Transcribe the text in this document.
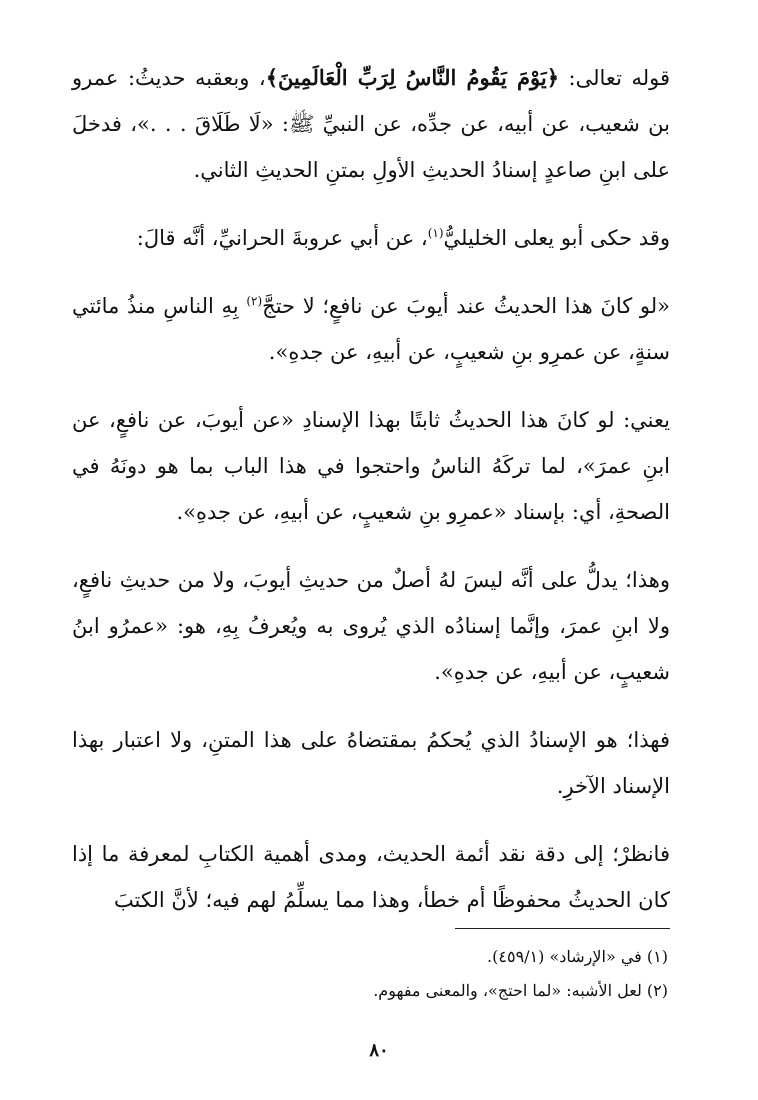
قوله تعالى: ﴿يَوْمَ يَقُومُ النَّاسُ لِرَبِّ الْعَالَمِينَ﴾، وبعقبه حديثُ: عمرو بن شعيب، عن أبيه، عن جدِّه، عن النبيِّ ﷺ: «لَا طَلَاقَ . . .»، فدخلَ على ابنِ صاعدٍ إسنادُ الحديثِ الأولِ بمتنِ الحديثِ الثاني.

وقد حكى أبو يعلى الخليليُّ$^{(١)}$، عن أبي عروبةَ الحرانيِّ، أنَّه قالَ:

«لو كانَ هذا الحديثُ عند أيوبَ عن نافعٍ؛ لا حتجَّ$^{(٢)}$ بِهِ الناسِ منذُ مائتي سنةٍ، عن عمرِو بنِ شعيبٍ، عن أبيهِ، عن جدهِ».

يعني: لو كانَ هذا الحديثُ ثابتًا بهذا الإسنادِ «عن أيوبَ، عن نافعٍ، عن ابنِ عمرَ»، لما تركَهُ الناسُ واحتجوا في هذا الباب بما هو دونَهُ في الصحةِ، أي: بإسناد «عمرِو بنِ شعيبٍ، عن أبيهِ، عن جدهِ».

وهذا؛ يدلُّ على أنَّه ليسَ لهُ أصلٌ من حديثِ أيوبَ، ولا من حديثِ نافعٍ، ولا ابنِ عمرَ، وإنَّما إسنادُه الذي يُروى به ويُعرفُ بِهِ، هو: «عمرُو ابنُ شعيبٍ، عن أبيهِ، عن جدهِ».

فهذا؛ هو الإسنادُ الذي يُحكمُ بمقتضاهُ على هذا المتنِ، ولا اعتبار بهذا الإسناد الآخرِ.

فانظرْ؛ إلى دقة نقد أئمة الحديث، ومدى أهمية الكتابِ لمعرفة ما إذا كان الحديثُ محفوظًا أم خطأ، وهذا مما يسلِّمُ لهم فيه؛ لأنَّ الكتبَ

(١) في «الإرشاد» (٤٥٩/١).

(٢) لعل الأشبه: «لما احتج»، والمعنى مفهوم.

٨٠
